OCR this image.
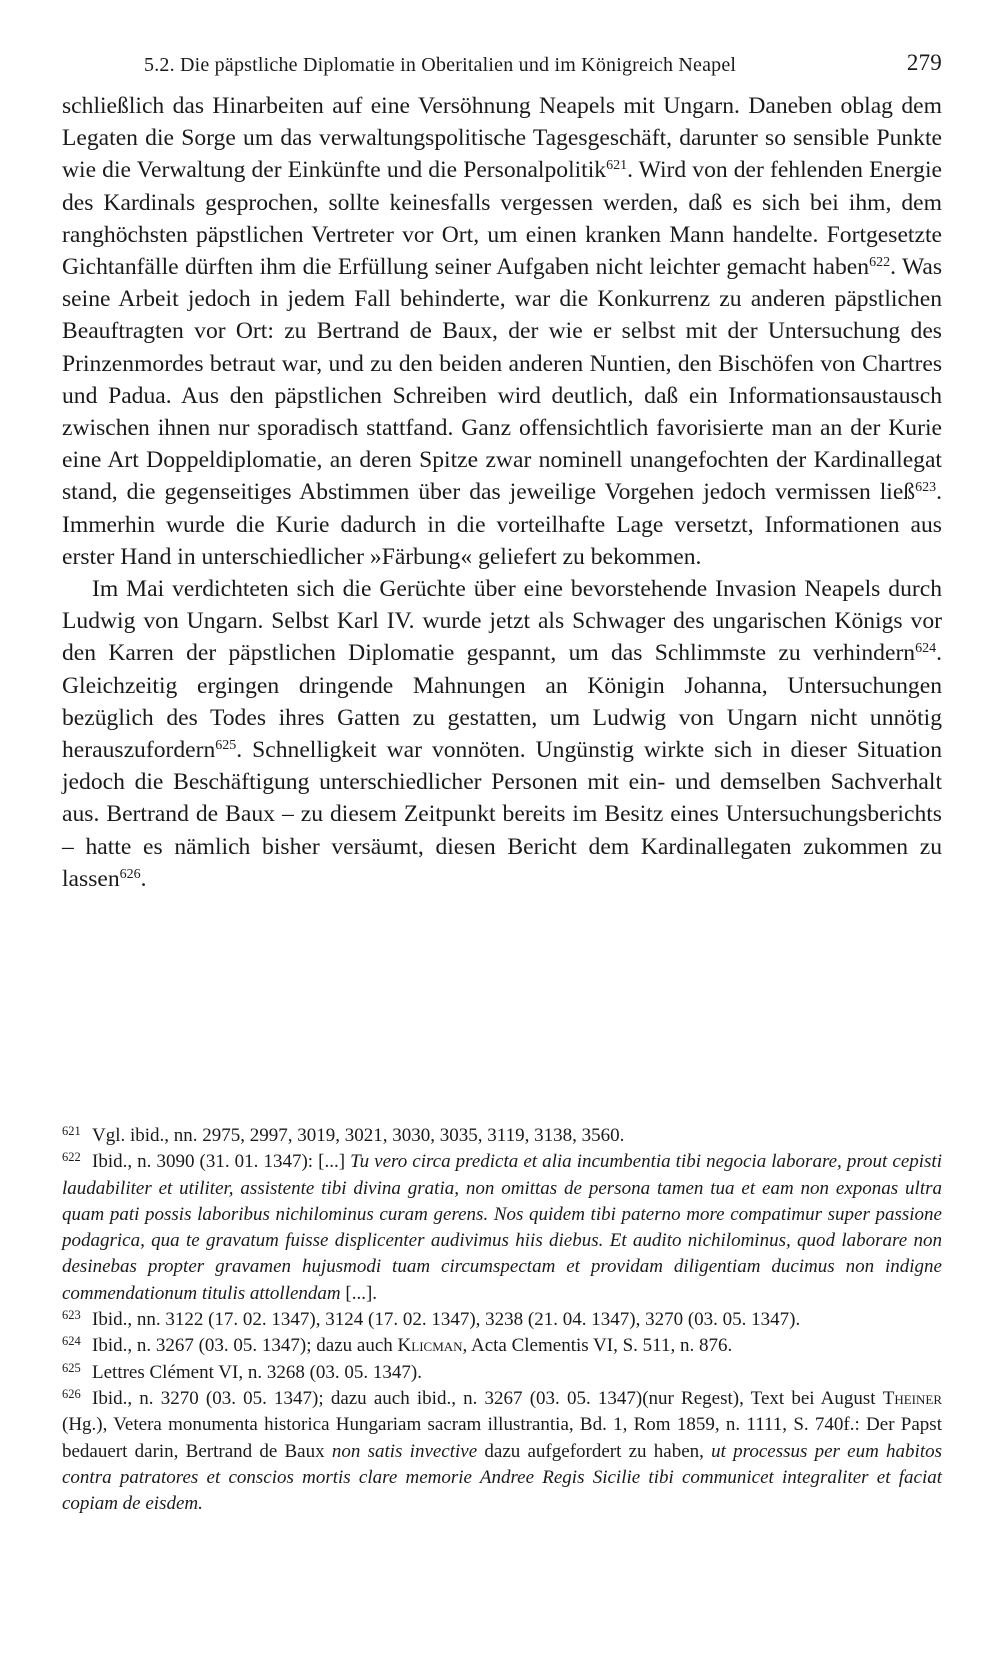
5.2. Die päpstliche Diplomatie in Oberitalien und im Königreich Neapel	279

schließlich das Hinarbeiten auf eine Versöhnung Neapels mit Ungarn. Daneben oblag dem Legaten die Sorge um das verwaltungspolitische Tagesgeschäft, darunter so sensible Punkte wie die Verwaltung der Einkünfte und die Personalpolitik$^{621}$. Wird von der fehlenden Energie des Kardinals gesprochen, sollte keinesfalls vergessen werden, daß es sich bei ihm, dem ranghöchsten päpstlichen Vertreter vor Ort, um einen kranken Mann handelte. Fortgesetzte Gichtanfälle dürften ihm die Erfüllung seiner Aufgaben nicht leichter gemacht haben$^{622}$. Was seine Arbeit jedoch in jedem Fall behinderte, war die Konkurrenz zu anderen päpstlichen Beauftragten vor Ort: zu Bertrand de Baux, der wie er selbst mit der Untersuchung des Prinzenmordes betraut war, und zu den beiden anderen Nuntien, den Bischöfen von Chartres und Padua. Aus den päpstlichen Schreiben wird deutlich, daß ein Informationsaustausch zwischen ihnen nur sporadisch stattfand. Ganz offensichtlich favorisierte man an der Kurie eine Art Doppeldiplomatie, an deren Spitze zwar nominell unangefochten der Kardinallegat stand, die gegenseitiges Abstimmen über das jeweilige Vorgehen jedoch vermissen ließ$^{623}$. Immerhin wurde die Kurie dadurch in die vorteilhafte Lage versetzt, Informationen aus erster Hand in unterschiedlicher »Färbung« geliefert zu bekommen.

Im Mai verdichteten sich die Gerüchte über eine bevorstehende Invasion Neapels durch Ludwig von Ungarn. Selbst Karl IV. wurde jetzt als Schwager des ungarischen Königs vor den Karren der päpstlichen Diplomatie gespannt, um das Schlimmste zu verhindern$^{624}$. Gleichzeitig ergingen dringende Mahnungen an Königin Johanna, Untersuchungen bezüglich des Todes ihres Gatten zu gestatten, um Ludwig von Ungarn nicht unnötig herauszufordern$^{625}$. Schnelligkeit war vonnöten. Ungünstig wirkte sich in dieser Situation jedoch die Beschäftigung unterschiedlicher Personen mit ein- und demselben Sachverhalt aus. Bertrand de Baux – zu diesem Zeitpunkt bereits im Besitz eines Untersuchungsberichts – hatte es nämlich bisher versäumt, diesen Bericht dem Kardinallegaten zukommen zu lassen$^{626}$.

621 Vgl. ibid., nn. 2975, 2997, 3019, 3021, 3030, 3035, 3119, 3138, 3560.

622 Ibid., n. 3090 (31. 01. 1347): [...] Tu vero circa predicta et alia incumbentia tibi negocia laborare, prout cepisti laudabiliter et utiliter, assistente tibi divina gratia, non omittas de persona tamen tua et eam non exponas ultra quam pati possis laboribus nichilominus curam gerens. Nos quidem tibi paterno more compatimur super passione podagrica, qua te gravatum fuisse displicenter audivimus hiis diebus. Et audito nichilominus, quod laborare non desinebas propter gravamen hujusmodi tuam circumspectam et providam diligentiam ducimus non indigne commendationum titulis attollendam [...].

623 Ibid., nn. 3122 (17. 02. 1347), 3124 (17. 02. 1347), 3238 (21. 04. 1347), 3270 (03. 05. 1347).

624 Ibid., n. 3267 (03. 05. 1347); dazu auch Klicman, Acta Clementis VI, S. 511, n. 876.

625 Lettres Clément VI, n. 3268 (03. 05. 1347).

626 Ibid., n. 3270 (03. 05. 1347); dazu auch ibid., n. 3267 (03. 05. 1347)(nur Regest), Text bei August Theiner (Hg.), Vetera monumenta historica Hungariam sacram illustrantia, Bd. 1, Rom 1859, n. 1111, S. 740f.: Der Papst bedauert darin, Bertrand de Baux non satis invective dazu aufgefordert zu haben, ut processus per eum habitos contra patratores et conscios mortis clare memorie Andree Regis Sicilie tibi communicet integraliter et faciat copiam de eisdem.
